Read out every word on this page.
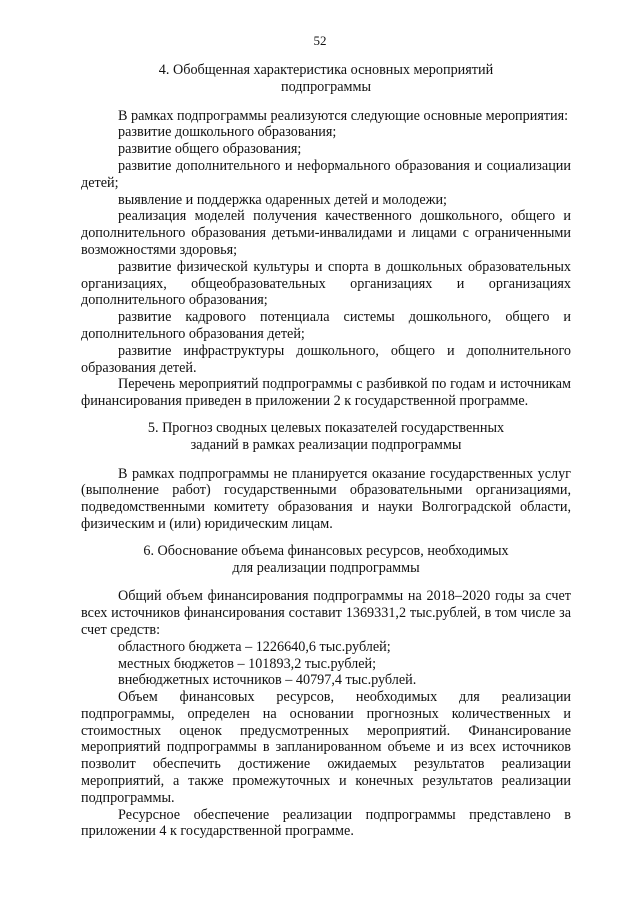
52

4. Обобщенная характеристика основных мероприятий

подпрограммы

В рамках подпрограммы реализуются следующие основные мероприятия:

развитие дошкольного образования;

развитие общего образования;

развитие дополнительного и неформального образования и социализации детей;

выявление и поддержка одаренных детей и молодежи;

реализация моделей получения качественного дошкольного, общего и дополнительного образования детьми-инвалидами и лицами с ограниченными возможностями здоровья;

развитие физической культуры и спорта в дошкольных образовательных организациях, общеобразовательных организациях и организациях дополнительного образования;

развитие кадрового потенциала системы дошкольного, общего и дополнительного образования детей;

развитие инфраструктуры дошкольного, общего и дополнительного образования детей.

Перечень мероприятий подпрограммы с разбивкой по годам и источникам финансирования приведен в приложении 2 к государственной программе.

5. Прогноз сводных целевых показателей государственных

заданий в рамках реализации подпрограммы

В рамках подпрограммы не планируется оказание государственных услуг (выполнение работ) государственными образовательными организациями, подведомственными комитету образования и науки Волгоградской области, физическим и (или) юридическим лицам.

6. Обоснование объема финансовых ресурсов, необходимых

для реализации подпрограммы

Общий объем финансирования подпрограммы на 2018–2020 годы за счет всех источников финансирования составит 1369331,2 тыс.рублей, в том числе за счет средств:

областного бюджета – 1226640,6 тыс.рублей;

местных бюджетов – 101893,2 тыс.рублей;

внебюджетных источников – 40797,4 тыс.рублей.

Объем финансовых ресурсов, необходимых для реализации подпрограммы, определен на основании прогнозных количественных и стоимостных оценок предусмотренных мероприятий. Финансирование мероприятий подпрограммы в запланированном объеме и из всех источников позволит обеспечить достижение ожидаемых результатов реализации мероприятий, а также промежуточных и конечных результатов реализации подпрограммы.

Ресурсное обеспечение реализации подпрограммы представлено в приложении 4 к государственной программе.
